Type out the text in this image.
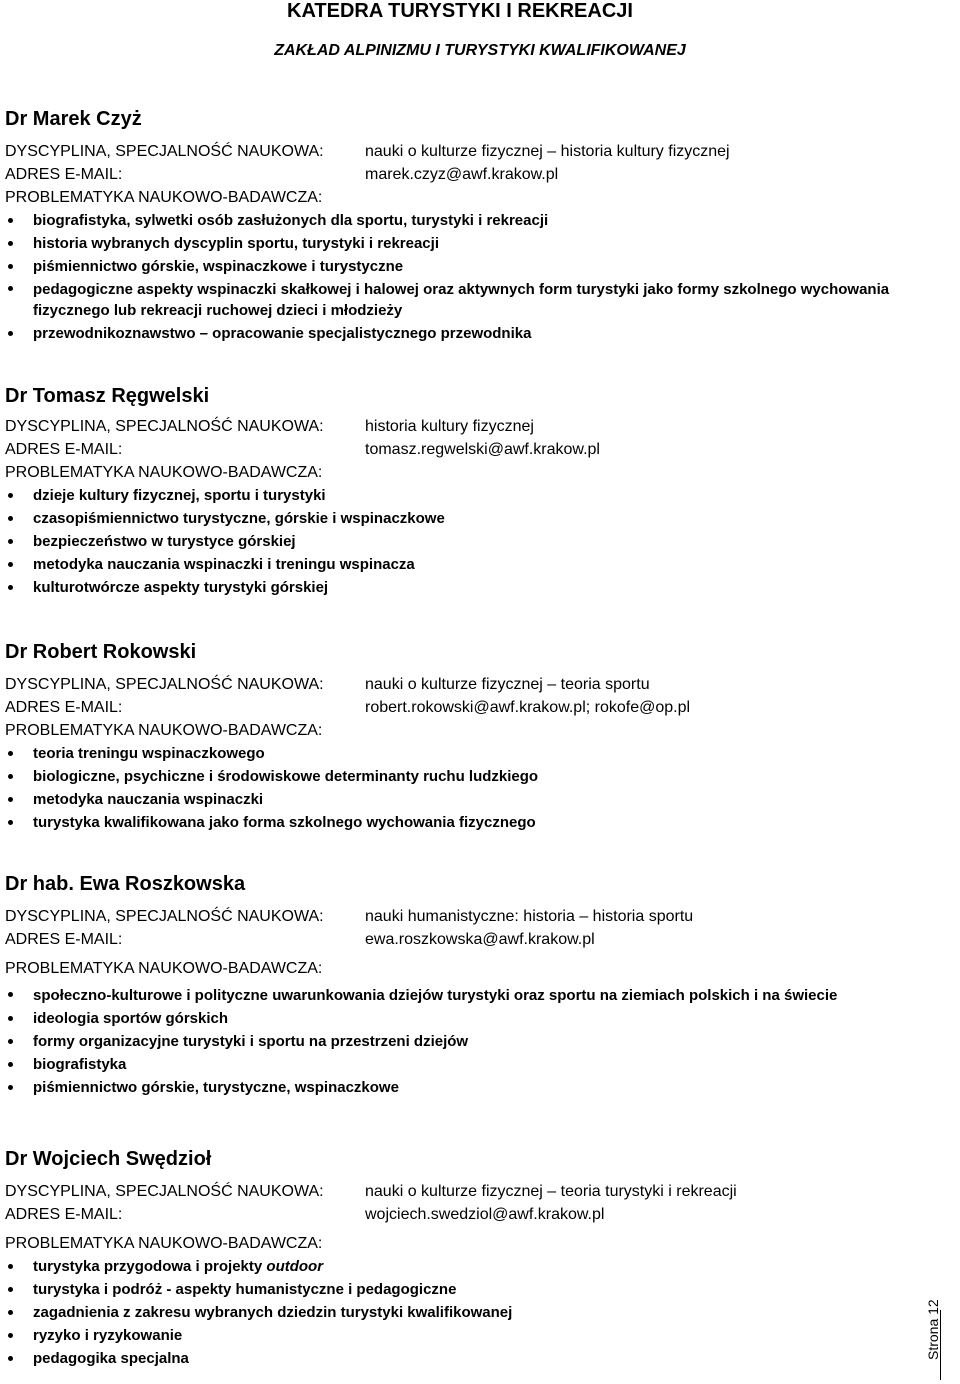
KATEDRA TURYSTYKI I REKREACJI
ZAKŁAD ALPINIZMU I TURYSTYKI KWALIFIKOWANEJ
Dr Marek Czyż
DYSCYPLINA, SPECJALNOŚĆ NAUKOWA:	nauki o kulturze fizycznej – historia kultury fizycznej
ADRES E-MAIL:	marek.czyz@awf.krakow.pl
PROBLEMATYKA NAUKOWO-BADAWCZA:
biografistyka, sylwetki osób zasłużonych dla sportu, turystyki i rekreacji
historia wybranych dyscyplin sportu, turystyki i rekreacji
piśmiennictwo górskie, wspinaczkowe i turystyczne
pedagogiczne aspekty wspinaczki skałkowej i halowej oraz aktywnych form turystyki jako formy szkolnego wychowania fizycznego lub rekreacji ruchowej dzieci i młodzieży
przewodnikoznawstwo – opracowanie specjalistycznego przewodnika
Dr Tomasz Ręgwelski
DYSCYPLINA, SPECJALNOŚĆ NAUKOWA:	historia kultury fizycznej
ADRES E-MAIL:	tomasz.regwelski@awf.krakow.pl
PROBLEMATYKA NAUKOWO-BADAWCZA:
dzieje kultury fizycznej, sportu i turystyki
czasopiśmiennictwo turystyczne, górskie i wspinaczkowe
bezpieczeństwo w turystyce górskiej
metodyka nauczania wspinaczki i treningu wspinacza
kulturotwórcze aspekty turystyki górskiej
Dr Robert Rokowski
DYSCYPLINA, SPECJALNOŚĆ NAUKOWA:	nauki o kulturze fizycznej – teoria sportu
ADRES E-MAIL:	robert.rokowski@awf.krakow.pl; rokofe@op.pl
PROBLEMATYKA NAUKOWO-BADAWCZA:
teoria treningu wspinaczkowego
biologiczne, psychiczne i środowiskowe determinanty ruchu ludzkiego
metodyka nauczania wspinaczki
turystyka kwalifikowana jako forma szkolnego wychowania fizycznego
Dr hab. Ewa Roszkowska
DYSCYPLINA, SPECJALNOŚĆ NAUKOWA:	nauki humanistyczne: historia – historia sportu
ADRES E-MAIL:	ewa.roszkowska@awf.krakow.pl
PROBLEMATYKA NAUKOWO-BADAWCZA:
społeczno-kulturowe i polityczne uwarunkowania dziejów turystyki oraz sportu na ziemiach polskich i na świecie
ideologia sportów górskich
formy organizacyjne turystyki i sportu na przestrzeni dziejów
biografistyka
piśmiennictwo górskie, turystyczne, wspinaczkowe
Dr Wojciech Swędzioł
DYSCYPLINA, SPECJALNOŚĆ NAUKOWA:	nauki o kulturze fizycznej – teoria turystyki i rekreacji
ADRES E-MAIL:	wojciech.swedziol@awf.krakow.pl
PROBLEMATYKA NAUKOWO-BADAWCZA:
turystyka przygodowa i projekty outdoor
turystyka i podróż - aspekty humanistyczne i pedagogiczne
zagadnienia z zakresu wybranych dziedzin turystyki kwalifikowanej
ryzyko i ryzykowanie
pedagogika specjalna	Strona 12
